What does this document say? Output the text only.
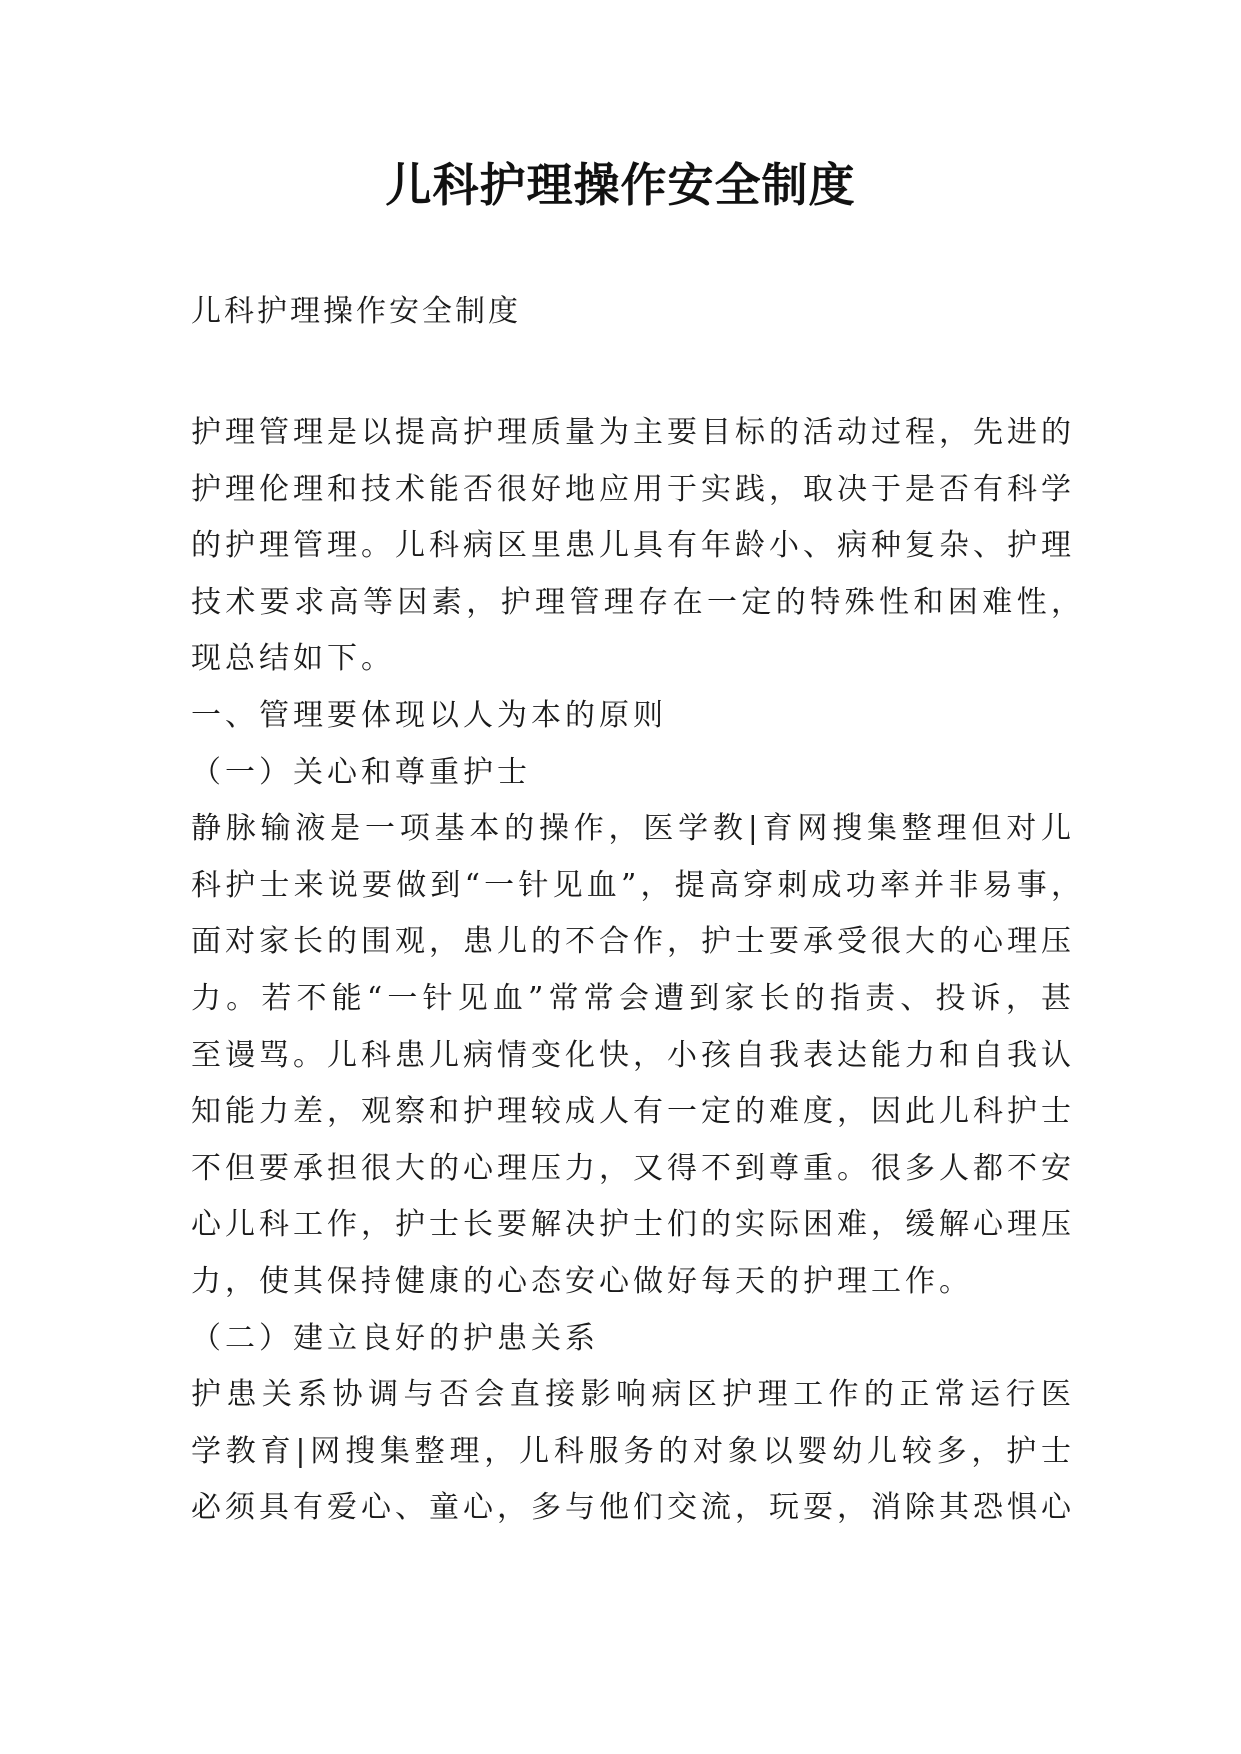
儿科护理操作安全制度

儿科护理操作安全制度

护理管理是以提高护理质量为主要目标的活动过程，先进的
护理伦理和技术能否很好地应用于实践，取决于是否有科学
的护理管理。儿科病区里患儿具有年龄小、病种复杂、护理
技术要求高等因素，护理管理存在一定的特殊性和困难性，
现总结如下。
一、管理要体现以人为本的原则
（一）关心和尊重护士
静脉输液是一项基本的操作，医学教|育网搜集整理但对儿
科护士来说要做到“一针见血”，提高穿刺成功率并非易事，
面对家长的围观，患儿的不合作，护士要承受很大的心理压
力。若不能“一针见血”常常会遭到家长的指责、投诉，甚
至谩骂。儿科患儿病情变化快，小孩自我表达能力和自我认
知能力差，观察和护理较成人有一定的难度，因此儿科护士
不但要承担很大的心理压力，又得不到尊重。很多人都不安
心儿科工作，护士长要解决护士们的实际困难，缓解心理压
力，使其保持健康的心态安心做好每天的护理工作。
（二）建立良好的护患关系
护患关系协调与否会直接影响病区护理工作的正常运行医
学教育|网搜集整理，儿科服务的对象以婴幼儿较多，护士
必须具有爱心、童心，多与他们交流，玩耍，消除其恐惧心
